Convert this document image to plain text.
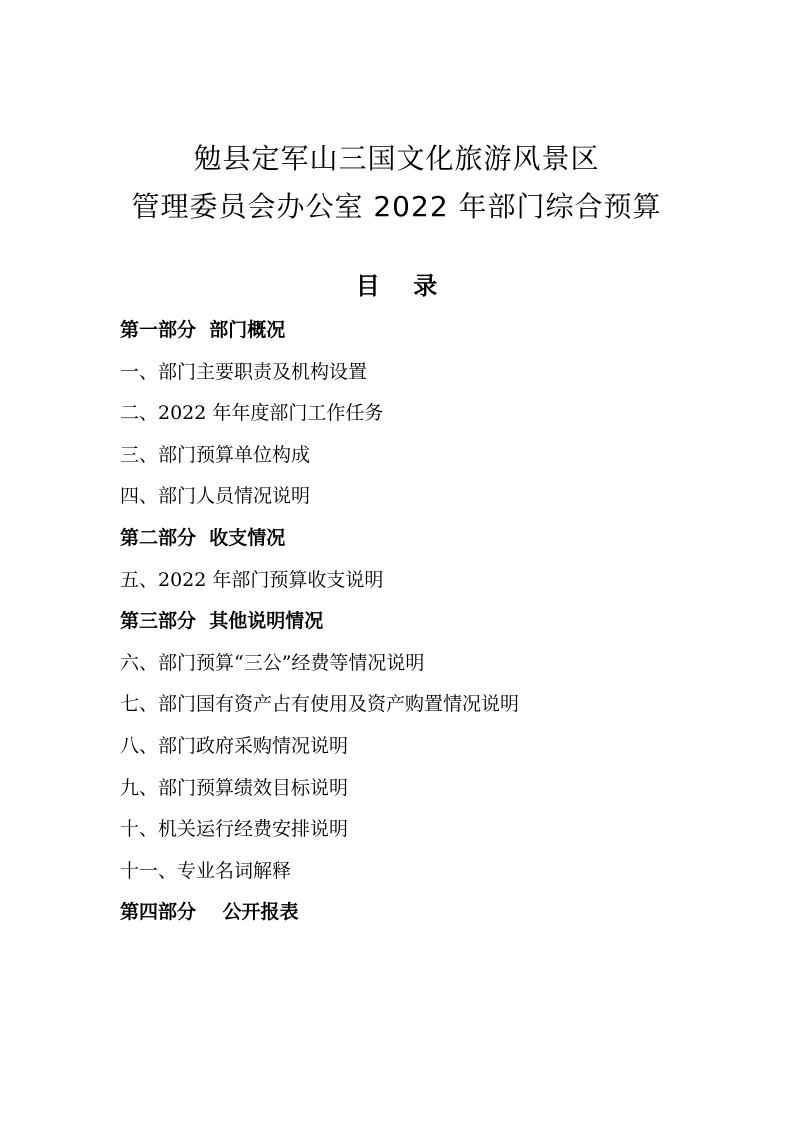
勉县定军山三国文化旅游风景区
管理委员会办公室 2022 年部门综合预算
目    录
第一部分  部门概况
一、部门主要职责及机构设置
二、2022 年年度部门工作任务
三、部门预算单位构成
四、部门人员情况说明
第二部分  收支情况
五、2022 年部门预算收支说明
第三部分  其他说明情况
六、部门预算“三公”经费等情况说明
七、部门国有资产占有使用及资产购置情况说明
八、部门政府采购情况说明
九、部门预算绩效目标说明
十、机关运行经费安排说明
十一、专业名词解释
第四部分    公开报表
